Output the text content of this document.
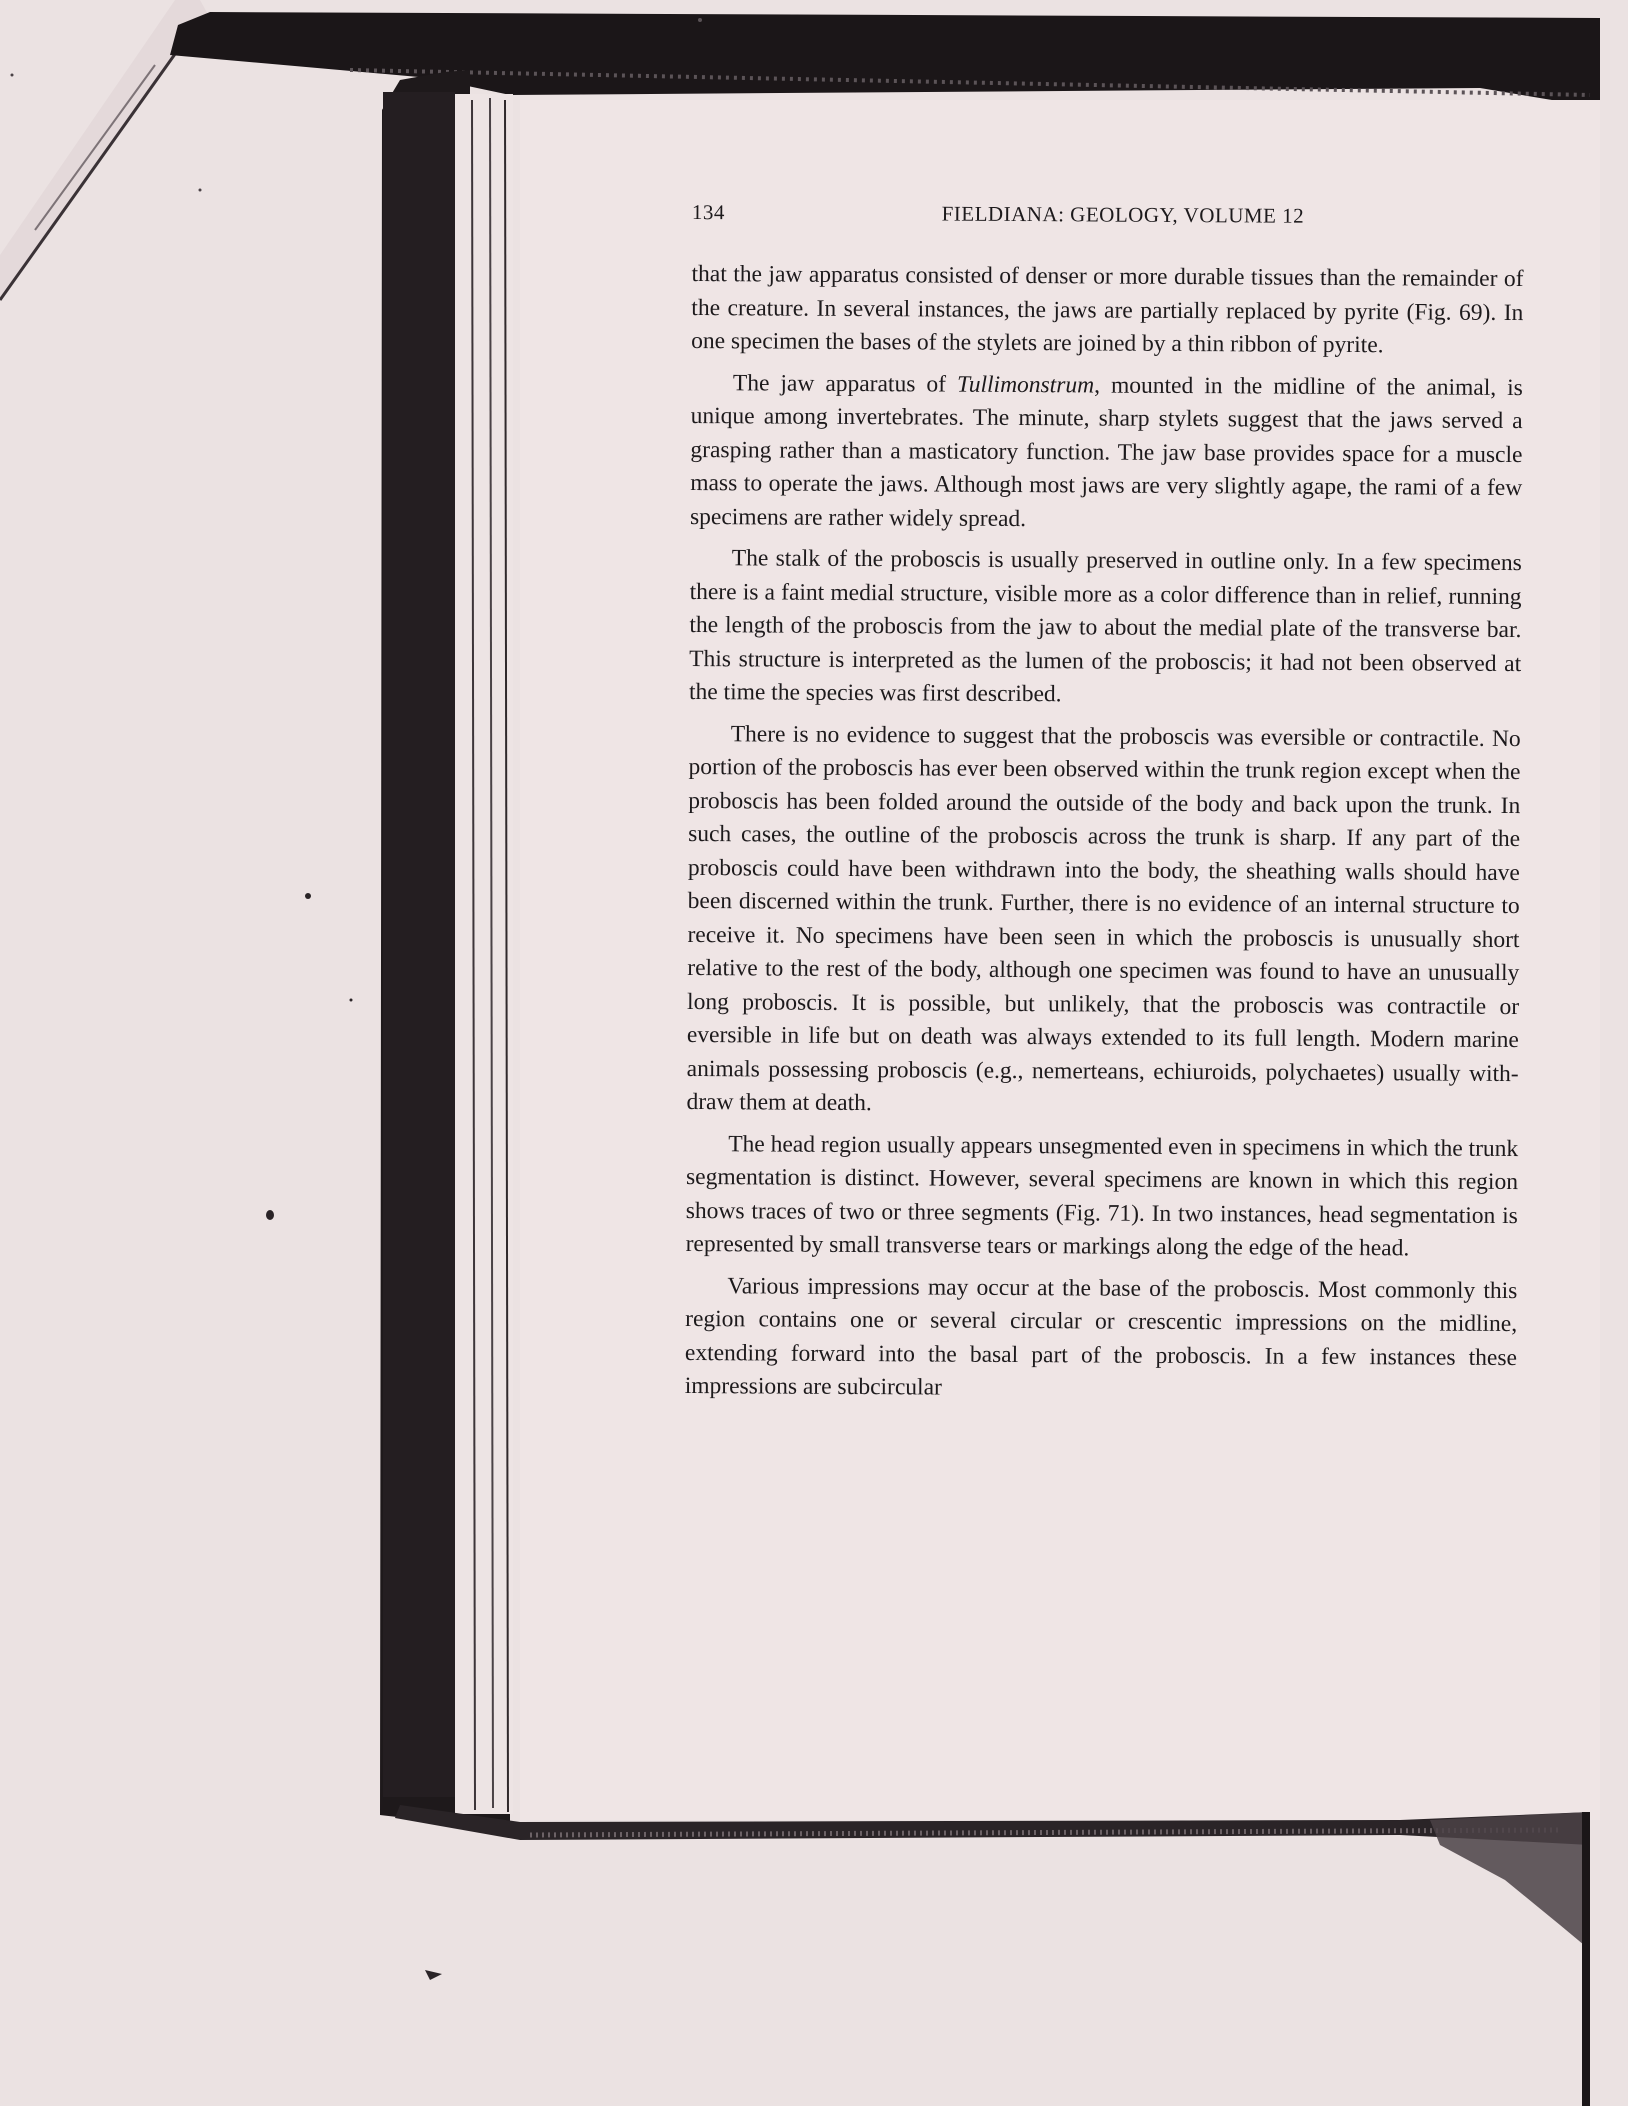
134	FIELDIANA: GEOLOGY, VOLUME 12

that the jaw apparatus consisted of denser or more durable tissues than the remainder of the creature. In several instances, the jaws are partially replaced by pyrite (Fig. 69). In one specimen the bases of the stylets are joined by a thin ribbon of pyrite.

The jaw apparatus of Tullimonstrum, mounted in the midline of the animal, is unique among invertebrates. The minute, sharp stylets suggest that the jaws served a grasping rather than a masticatory function. The jaw base provides space for a muscle mass to operate the jaws. Although most jaws are very slightly agape, the rami of a few specimens are rather widely spread.

The stalk of the proboscis is usually preserved in outline only. In a few specimens there is a faint medial structure, visible more as a color difference than in relief, running the length of the proboscis from the jaw to about the medial plate of the transverse bar. This structure is interpreted as the lumen of the proboscis; it had not been observed at the time the species was first described.

There is no evidence to suggest that the proboscis was eversible or contractile. No portion of the proboscis has ever been observed within the trunk region except when the proboscis has been folded around the outside of the body and back upon the trunk. In such cases, the outline of the proboscis across the trunk is sharp. If any part of the proboscis could have been withdrawn into the body, the sheathing walls should have been discerned within the trunk. Further, there is no evidence of an internal structure to receive it. No specimens have been seen in which the proboscis is unusually short relative to the rest of the body, although one specimen was found to have an unusually long proboscis. It is possible, but unlikely, that the proboscis was contractile or eversible in life but on death was always extended to its full length. Modern marine animals possessing proboscis (e.g., nemerteans, echiuroids, polychaetes) usually withdraw them at death.

The head region usually appears unsegmented even in specimens in which the trunk segmentation is distinct. However, several specimens are known in which this region shows traces of two or three segments (Fig. 71). In two instances, head segmentation is represented by small transverse tears or markings along the edge of the head.

Various impressions may occur at the base of the proboscis. Most commonly this region contains one or several circular or crescentic impressions on the midline, extending forward into the basal part of the proboscis. In a few instances these impressions are subcircular
